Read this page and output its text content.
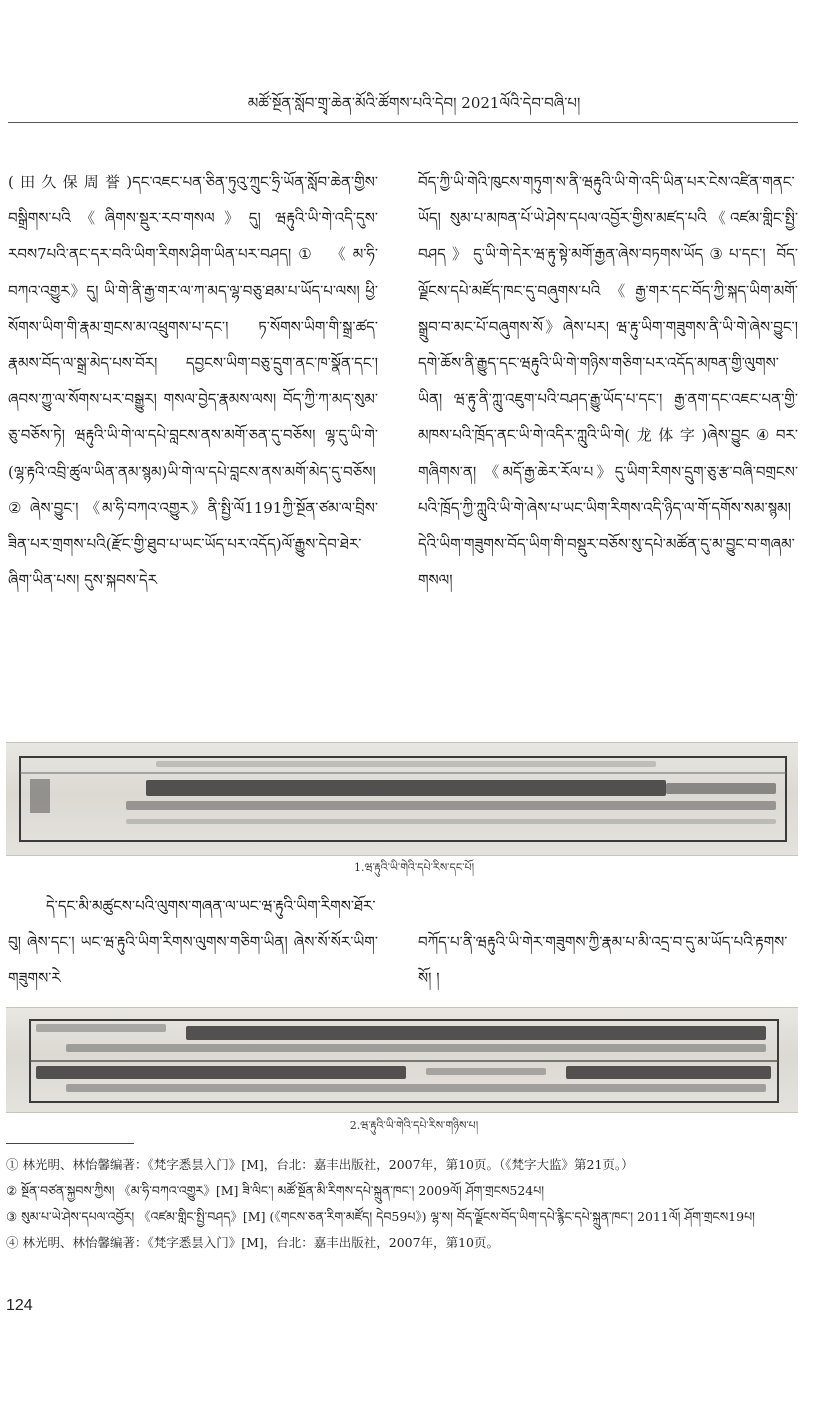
མཚོ་སྔོན་སློབ་གྲྭ་ཆེན་མོའི་ཚོགས་པའི་དེབ། 2021ལོའི་དེབ་བཞི་པ།

(田久保周誉)དང་འཇང་པན་ཅིན་ཏུའུ་ཀྲུང་ཧྲི་ཡོན་སློབ་ཆེན་གྱིས་བསྒྲིགས་པའི《ཞིགས་སྡུར་རབ་གསལ》དུ། ཝརྟུའི་ཡི་གེ་འདི་དུས་རབས7པའི་ནང་དར་བའི་ཡིག་རིགས་ཤིག་ཡིན་པར་བཤད།① 《མ་ཧི་བཀའ་འགྱུར》དུ། ཡི་གེ་ནི་རྒྱ་གར་ལ་ཀ་མད་ལྷ་བཅུ་ཐམ་པ་ཡོད་པ་ལས། ཕྱི་སོགས་ཡིག་གི་རྣམ་གྲངས་མ་འཕྲུགས་པ་དང་། ཏ་སོགས་ཡིག་གི་སྒྲ་ཚད་རྣམས་བོད་ལ་སྒྲ་མེད་པས་བོར། དབྱངས་ཡིག་བཅུ་དྲུག་ནང་ཁ་སྣོན་དང་། ཞབས་ཀྱུ་ལ་སོགས་པར་བསྒྱུར། གསལ་བྱེད་རྣམས་ལས། བོད་ཀྱི་ཀ་མད་སུམ་ཅུ་བཅོས་ཏེ། ཝརྟུའི་ཡི་གེ་ལ་དཔེ་བླངས་ནས་མགོ་ཅན་དུ་བཅོས། ལྷ་དུ་ཡི་གེ་(ལྷ་རྟའི་འབྲི་ཚུལ་ཡིན་ནམ་སྙམ)ཡི་གེ་ལ་དཔེ་བླངས་ནས་མགོ་མེད་དུ་བཅོས།② ཞེས་བྱུང་། 《མ་ཧི་བཀའ་འགྱུར》ནི་སྤྱི་ལོ1191ཀྱི་སྔོན་ཙམ་ལ་བྲིས་ཟིན་པར་གྲགས་པའི(རྫོང་གྱི་ཐུབ་པ་ཡང་ཡོད་པར་འདོད)ལོ་རྒྱུས་དེབ་ཐེར་ཞིག་ཡིན་པས། དུས་སྐབས་དེར

བོད་ཀྱི་ཡི་གེའི་ཁུངས་གཏུག་ས་ནི་ཝརྟུའི་ཡི་གེ་འདི་ཡིན་པར་ངེས་འཛིན་གནང་ཡོད། སུམ་པ་མཁན་པོ་ཡེ་ཤེས་དཔལ་འབྱོར་གྱིས་མཛད་པའི《འཛམ་གླིང་སྤྱི་བཤད》དུ་ཡི་གེ་དེར་ཝ་རྟུ་སྟེ་མགོ་རྒྱན་ཞེས་བཏགས་ཡོད③པ་དང་། བོད་ལྗོངས་དཔེ་མཛོད་ཁང་དུ་བཞུགས་པའི《རྒྱ་གར་དང་བོད་ཀྱི་སྐད་ཡིག་མགོ་སྒྲུབ་བ་མང་པོ་བཞུགས་སོ》ཞེས་པར། ཝ་རྟུ་ཡིག་གཟུགས་ནི་ཡི་གེ་ཞེས་བྱུང་། དགེ་ཆོས་ནི་རྒྱུད་དང་ཝརྟུའི་ཡི་གེ་གཉིས་གཅིག་པར་འདོད་མཁན་གྱི་ལུགས་ཡིན། ཝ་རྟུ་ནི་ཀླུ་འཇུག་པའི་བཤད་རྒྱུ་ཡོད་པ་དང་། རྒྱ་ནག་དང་འཇང་པན་གྱི་མཁས་པའི་ཁྲོད་ནང་ཡི་གེ་འདིར་ཀླུའི་ཡི་གེ(龙体字)ཞེས་བྱུང④བར་གཞིགས་ན། 《མདོ་རྒྱ་ཆེར་རོལ་པ》དུ་ཡིག་རིགས་དྲུག་ཅུ་རྩ་བཞི་བགྲངས་པའི་ཁྲོད་ཀྱི་ཀླུའི་ཡི་གེ་ཞེས་པ་ཡང་ཡིག་རིགས་འདི་ཉིད་ལ་གོ་དགོས་སམ་སྙམ། དེའི་ཡིག་གཟུགས་བོད་ཡིག་གི་བསྡུར་བཅོས་སུ་དཔེ་མཚོན་དུ་མ་བྱུང་བ་གཞམ་གསལ།

1.ཝ་རྟུའི་ཡི་གེའི་དཔེ་རིས་དང་པོ།

དེ་དང་མི་མཚུངས་པའི་ལུགས་གཞན་ལ་ཡང་ཝ་རྟུའི་ཡིག་རིགས་ཐོར་བུ། ཞེས་དང་། ཡང་ཝ་རྟུའི་ཡིག་རིགས་ལུགས་གཅིག་ཡིན། ཞེས་སོ་སོར་ཡིག་གཟུགས་རེ

བཀོད་པ་ནི་ཝརྟུའི་ཡི་གེར་གཟུགས་ཀྱི་རྣམ་པ་མི་འདྲ་བ་དུ་མ་ཡོད་པའི་རྟགས་སོ། །

2.ཝ་རྟུའི་ཡི་གེའི་དཔེ་རིས་གཉིས་པ།

① 林光明、林怡馨编著：《梵字悉昙入门》[M]，台北：嘉丰出版社，2007年，第10页。（《梵字大监》第21页。）

② སྔོན་བཙན་སྐྱབས་ཀྱིས། 《མ་ཧི་བཀའ་འགྱུར》[M] ཟི་ལིང་། མཚོ་སྔོན་མི་རིགས་དཔེ་སྐྲུན་ཁང་། 2009ལོ། ཤོག་གྲངས524པ།

③ སུམ་པ་ཡེ་ཤེས་དཔལ་འབྱོར། 《འཛམ་གླིང་སྤྱི་བཤད》[M] (《གངས་ཅན་རིག་མཛོད། དེབ59པ》) ལྷ་ས། བོད་ལྗོངས་བོད་ཡིག་དཔེ་རྙིང་དཔེ་སྐྲུན་ཁང་། 2011ལོ། ཤོག་གྲངས19པ།

④ 林光明、林怡馨编著：《梵字悉昙入门》[M]，台北：嘉丰出版社，2007年，第10页。

124
